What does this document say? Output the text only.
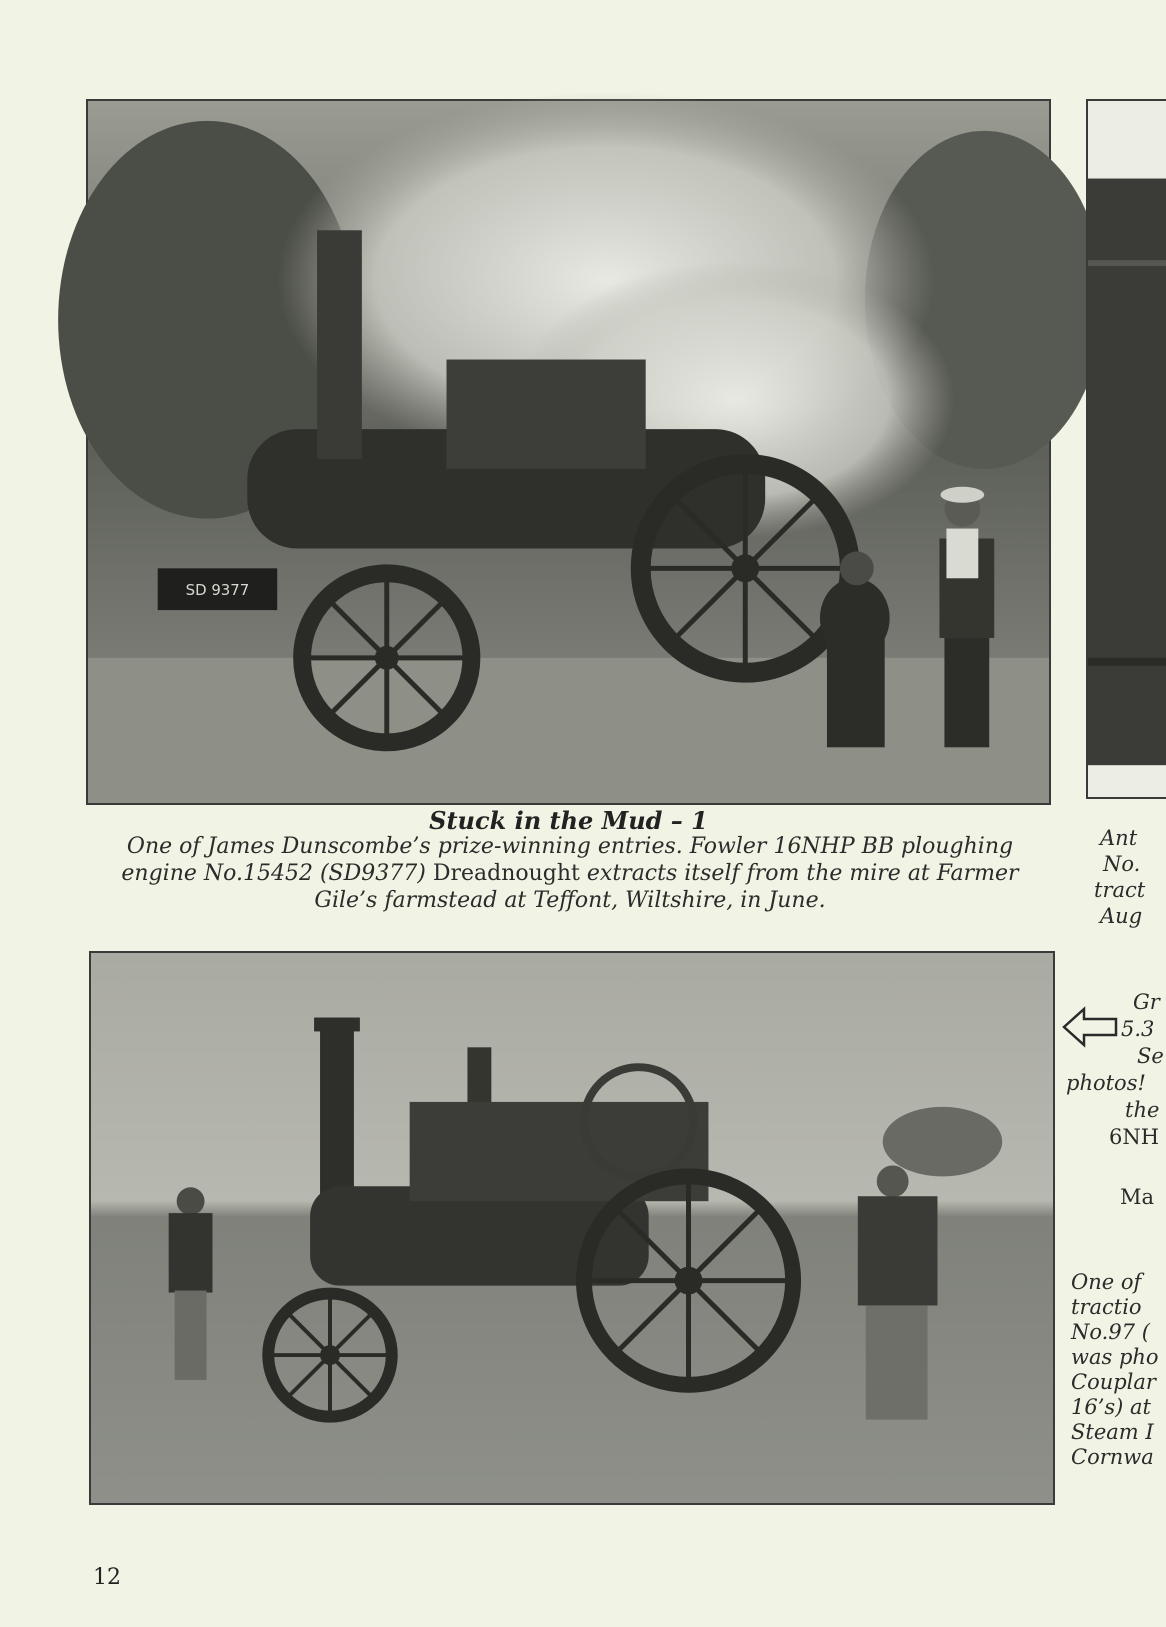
SD 9377
Stuck in the Mud – 1
One of James Dunscombe’s prize-winning entries. Fowler 16NHP BB ploughing
engine No.15452 (SD9377) Dreadnought extracts itself from the mire at Farmer
Gile’s farmstead at Teffont, Wiltshire, in June.
Ant
No.
tract
Aug
Gr
5.3
Se
photos!
the
6NH
Ma
One of
tractio
No.97 (
was pho
Couplar
16’s) at
Steam I
Cornwa
12
